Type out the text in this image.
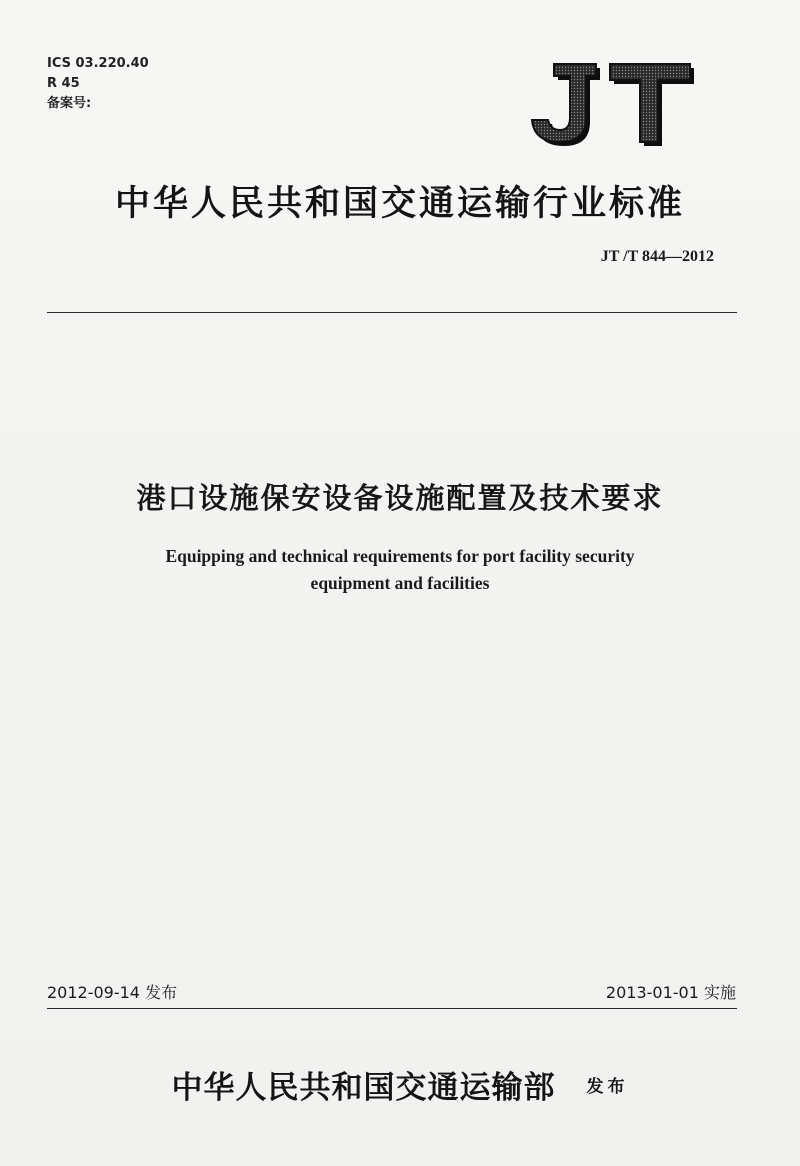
ICS 03.220.40
R 45
备案号:
中华人民共和国交通运输行业标准
JT /T 844—2012
港口设施保安设备设施配置及技术要求
Equipping and technical requirements for port facility security
equipment and facilities
2012-09-14 发布	2013-01-01 实施
中华人民共和国交通运输部 发布
